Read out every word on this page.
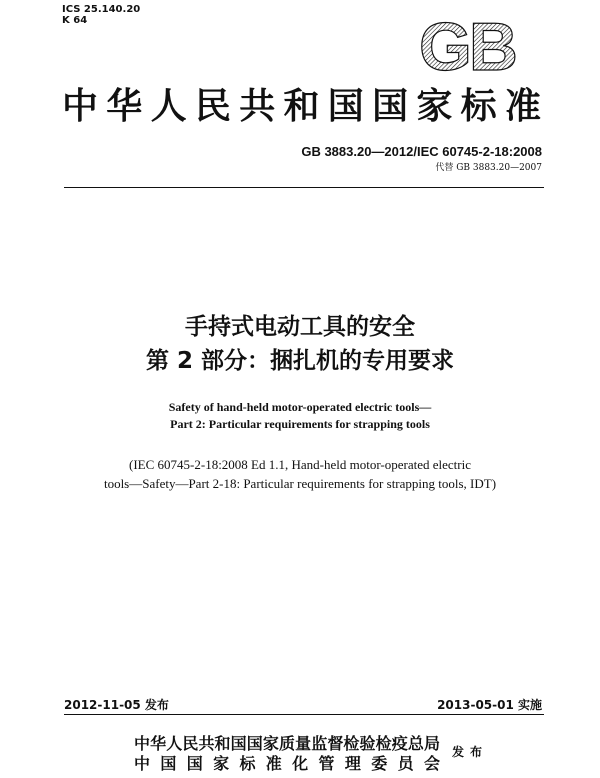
ICS 25.140.20
K 64	GB
中华人民共和国国家标准
GB 3883.20—2012/IEC 60745-2-18:2008
代替 GB 3883.20—2007
手持式电动工具的安全
第 2 部分：捆扎机的专用要求
Safety of hand-held motor-operated electric tools—
Part 2: Particular requirements for strapping tools
(IEC 60745-2-18:2008 Ed 1.1, Hand-held motor-operated electric
tools—Safety—Part 2-18: Particular requirements for strapping tools, IDT)
2012-11-05 发布	2013-05-01 实施
中华人民共和国国家质量监督检验检疫总局
中国国家标准化管理委员会
发布
